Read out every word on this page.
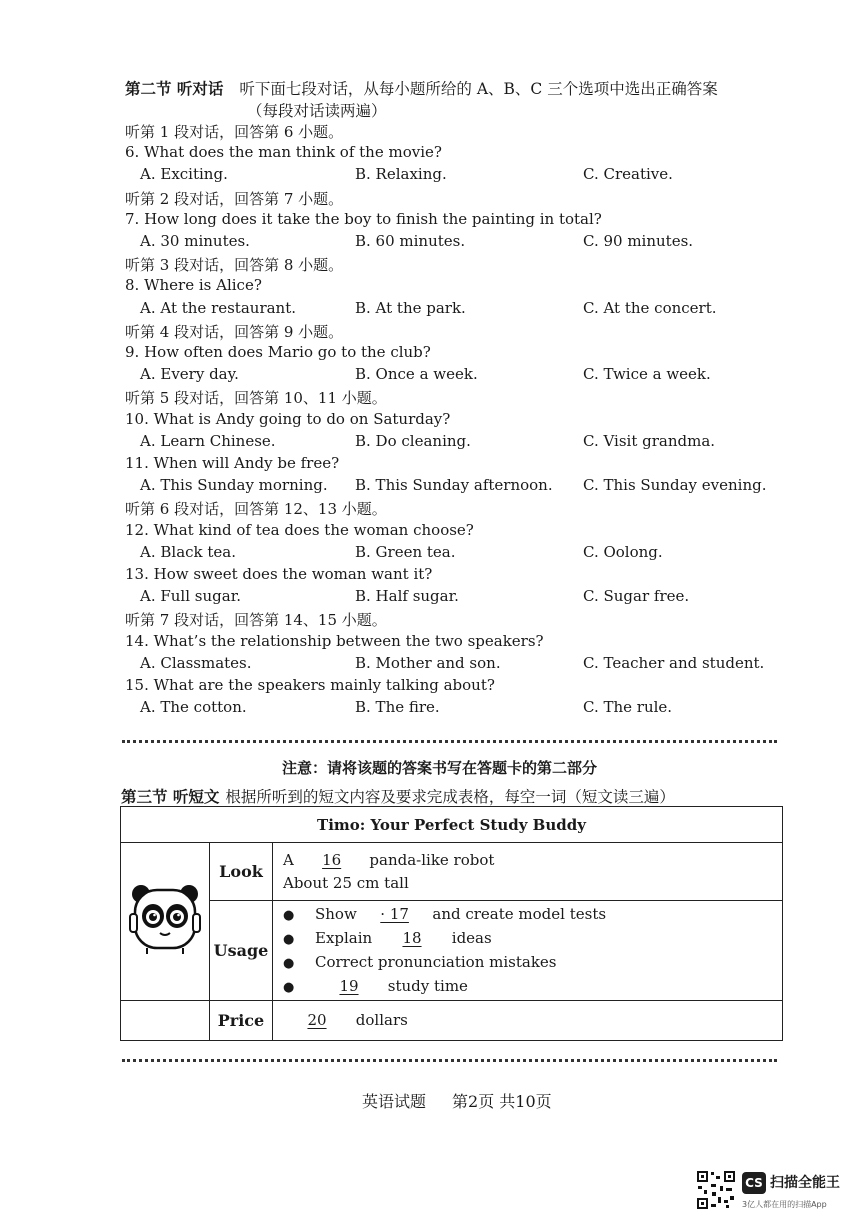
第二节 听对话 听下面七段对话，从每小题所给的 A、B、C 三个选项中选出正确答案
（每段对话读两遍）
听第 1 段对话，回答第 6 小题。
6. What does the man think of the movie?
A. Exciting.	B. Relaxing.	C. Creative.
听第 2 段对话，回答第 7 小题。
7. How long does it take the boy to finish the painting in total?
A. 30 minutes.	B. 60 minutes.	C. 90 minutes.
听第 3 段对话，回答第 8 小题。
8. Where is Alice?
A. At the restaurant.	B. At the park.	C. At the concert.
听第 4 段对话，回答第 9 小题。
9. How often does Mario go to the club?
A. Every day.	B. Once a week.	C. Twice a week.
听第 5 段对话，回答第 10、11 小题。
10. What is Andy going to do on Saturday?
A. Learn Chinese.	B. Do cleaning.	C. Visit grandma.
11. When will Andy be free?
A. This Sunday morning. B. This Sunday afternoon. C. This Sunday evening.
听第 6 段对话，回答第 12、13 小题。
12. What kind of tea does the woman choose?
A. Black tea.	B. Green tea.	C. Oolong.
13. How sweet does the woman want it?
A. Full sugar.	B. Half sugar.	C. Sugar free.
听第 7 段对话，回答第 14、15 小题。
14. What’s the relationship between the two speakers?
A. Classmates.	B. Mother and son.	C. Teacher and student.
15. What are the speakers mainly talking about?
A. The cotton.	B. The fire.	C. The rule.
注意：请将该题的答案书写在答题卡的第二部分
第三节 听短文 根据所听到的短文内容及要求完成表格，每空一词（短文读三遍）
Timo: Your Perfect Study Buddy		
	Look	A 16 panda-like robot
About 25 cm tall

	Usage	● Show · 17 and create model tests
● Explain 18 ideas
● Correct pronunciation mistakes
● 19 study time

	Price	20 dollars
英语试题 第2页 共10页
CS 扫描全能王
3亿人都在用的扫描App
